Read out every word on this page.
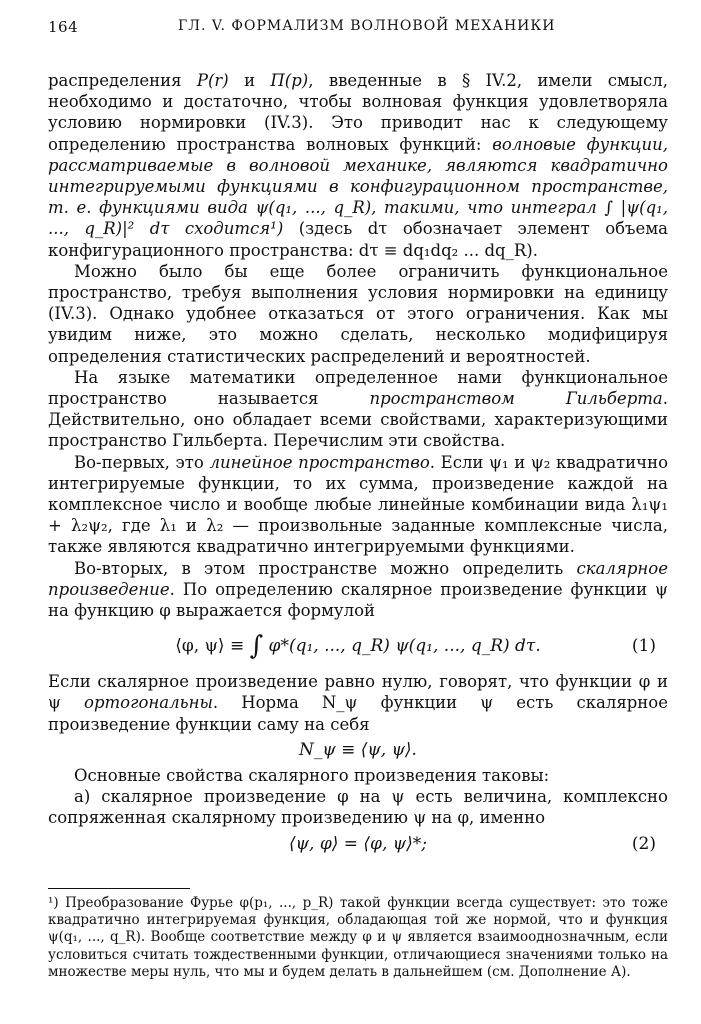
164	ГЛ. V. ФОРМАЛИЗМ ВОЛНОВОЙ МЕХАНИКИ

распределения P(r) и Π(p), введенные в § IV.2, имели смысл, необходимо и достаточно, чтобы волновая функция удовлетворяла условию нормировки (IV.3). Это приводит нас к следующему определению пространства волновых функций: волновые функции, рассматриваемые в волновой механике, являются квадратично интегрируемыми функциями в конфигурационном пространстве, т. е. функциями вида ψ(q₁, ..., q_R), такими, что интеграл ∫ |ψ(q₁, ..., q_R)|² dτ сходится¹) (здесь dτ обозначает элемент объема конфигурационного пространства: dτ ≡ dq₁dq₂ ... dq_R).

Можно было бы еще более ограничить функциональное пространство, требуя выполнения условия нормировки на единицу (IV.3). Однако удобнее отказаться от этого ограничения. Как мы увидим ниже, это можно сделать, несколько модифицируя определения статистических распределений и вероятностей.

На языке математики определенное нами функциональное пространство называется пространством Гильберта. Действительно, оно обладает всеми свойствами, характеризующими пространство Гильберта. Перечислим эти свойства.

Во-первых, это линейное пространство. Если ψ₁ и ψ₂ квадратично интегрируемые функции, то их сумма, произведение каждой на комплексное число и вообще любые линейные комбинации вида λ₁ψ₁ + λ₂ψ₂, где λ₁ и λ₂ — произвольные заданные комплексные числа, также являются квадратично интегрируемыми функциями.

Во-вторых, в этом пространстве можно определить скалярное произведение. По определению скалярное произведение функции ψ на функцию φ выражается формулой

⟨φ, ψ⟩ ≡ ∫ φ*(q₁, ..., q_R) ψ(q₁, ..., q_R) dτ.	(1)

Если скалярное произведение равно нулю, говорят, что функции φ и ψ ортогональны. Норма N_ψ функции ψ есть скалярное произведение функции саму на себя

N_ψ ≡ ⟨ψ, ψ⟩.

Основные свойства скалярного произведения таковы:

а) скалярное произведение φ на ψ есть величина, комплексно сопряженная скалярному произведению ψ на φ, именно

⟨ψ, φ⟩ = ⟨φ, ψ⟩*;	(2)

¹) Преобразование Фурье φ(p₁, ..., p_R) такой функции всегда существует: это тоже квадратично интегрируемая функция, обладающая той же нормой, что и функция ψ(q₁, ..., q_R). Вообще соответствие между φ и ψ является взаимооднозначным, если условиться считать тождественными функции, отличающиеся значениями только на множестве меры нуль, что мы и будем делать в дальнейшем (см. Дополнение А).
